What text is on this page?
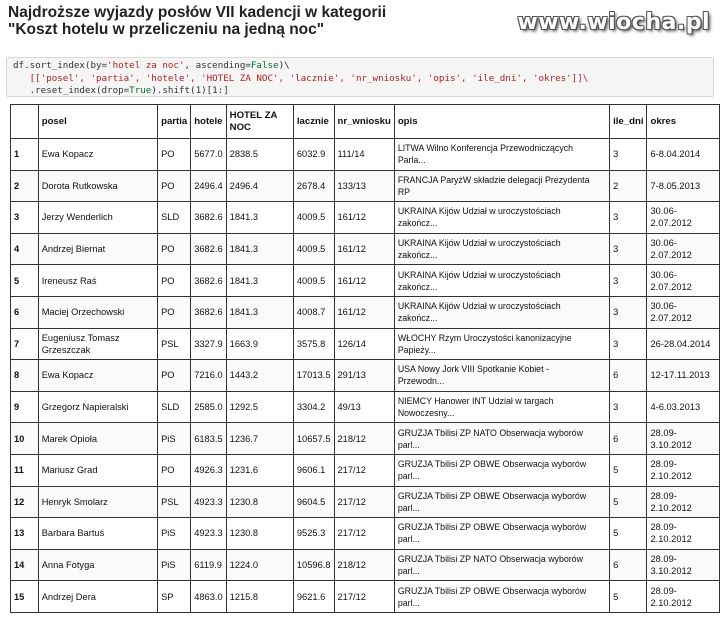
Najdroższe wyjazdy posłów VII kadencji w kategorii
"Koszt hotelu w przeliczeniu na jedną noc"	www.wiocha.pl
df.sort_index(by='hotel za noc', ascending=False)\
[['posel', 'partia', 'hotele', 'HOTEL ZA NOC', 'lacznie', 'nr_wniosku', 'opis', 'ile_dni', 'okres']]\
.reset_index(drop=True).shift(1)[1:]
	posel	partia	hotele	HOTEL ZA NOC	lacznie	nr_wniosku	opis	ile_dni	okres
1	Ewa Kopacz	PO	5677.0	2838.5	6032.9	111/14	LITWA Wilno Konferencja Przewodniczących
Parla...	3	6-8.04.2014
2	Dorota Rutkowska	PO	2496.4	2496.4	2678.4	133/13	FRANCJA ParyżW składzie delegacji Prezydenta
RP	2	7-8.05.2013
3	Jerzy Wenderlich	SLD	3682.6	1841.3	4009.5	161/12	UKRAINA Kijów Udział w uroczystościach
zakończ...	3	30.06-2.07.2012
4	Andrzej Biernat	PO	3682.6	1841.3	4009.5	161/12	UKRAINA Kijów Udział w uroczystościach
zakończ...	3	30.06-2.07.2012
5	Ireneusz Raś	PO	3682.6	1841.3	4009.5	161/12	UKRAINA Kijów Udział w uroczystościach
zakończ...	3	30.06-2.07.2012
6	Maciej Orzechowski	PO	3682.6	1841.3	4008.7	161/12	UKRAINA Kijów Udział w uroczystościach
zakończ...	3	30.06-2.07.2012
7	Eugeniusz Tomasz Grzeszczak	PSL	3327.9	1663.9	3575.8	126/14	WŁOCHY Rzym Uroczystości kanonizacyjne
Papieży...	3	26-28.04.2014
8	Ewa Kopacz	PO	7216.0	1443.2	17013.5	291/13	USA Nowy Jork VIII Spotkanie Kobiet -
Przewodn...	6	12-17.11.2013
9	Grzegorz Napieralski	SLD	2585.0	1292.5	3304.2	49/13	NIEMCY Hanower INT Udział w targach
Nowoczesny...	3	4-6.03.2013
10	Marek Opioła	PiS	6183.5	1236.7	10657.5	218/12	GRUZJA Tbilisi ZP NATO Obserwacja wyborów
parl...	6	28.09-3.10.2012
11	Mariusz Grad	PO	4926.3	1231.6	9606.1	217/12	GRUZJA Tbilisi ZP OBWE Obserwacja wyborów
parl...	5	28.09-2.10.2012
12	Henryk Smolarz	PSL	4923.3	1230.8	9604.5	217/12	GRUZJA Tbilisi ZP OBWE Obserwacja wyborów
parl...	5	28.09-2.10.2012
13	Barbara Bartuś	PiS	4923.3	1230.8	9525.3	217/12	GRUZJA Tbilisi ZP OBWE Obserwacja wyborów
parl...	5	28.09-2.10.2012
14	Anna Fotyga	PiS	6119.9	1224.0	10596.8	218/12	GRUZJA Tbilisi ZP NATO Obserwacja wyborów
parl...	6	28.09-3.10.2012
15	Andrzej Dera	SP	4863.0	1215.8	9621.6	217/12	GRUZJA Tbilisi ZP OBWE Obserwacja wyborów
parl...	5	28.09-2.10.2012
